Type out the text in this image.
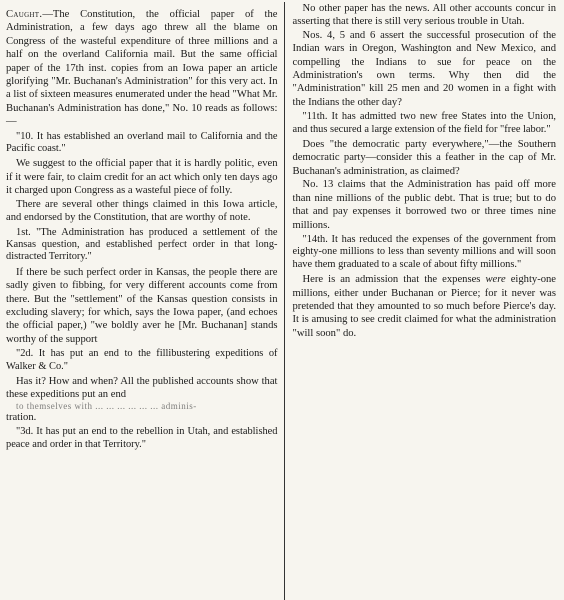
Caught.—The Constitution, the official paper of the Administration, a few days ago threw all the blame on Congress of the wasteful expenditure of three millions and a half on the overland California mail. But the same official paper of the 17th inst. copies from an Iowa paper an article glorifying "Mr. Buchanan's Administration" for this very act. In a list of sixteen measures enumerated under the head "What Mr. Buchanan's Administration has done," No. 10 reads as follows:—

"10. It has established an overland mail to California and the Pacific coast."

We suggest to the official paper that it is hardly politic, even if it were fair, to claim credit for an act which only ten days ago it charged upon Congress as a wasteful piece of folly.

There are several other things claimed in this Iowa article, and endorsed by the Constitution, that are worthy of note.

1st. "The Administration has produced a settlement of the Kansas question, and established perfect order in that long-distracted Territory."

If there be such perfect order in Kansas, the people there are sadly given to fibbing, for very different accounts come from there. But the "settlement" of the Kansas question consists in excluding slavery; for which, says the Iowa paper, (and echoes the official paper,) "we boldly aver he [Mr. Buchanan] stands worthy of the support

"2d. It has put an end to the fillibustering expeditions of Walker & Co."

Has it? How and when? All the published accounts show that these expeditions put an end

to themselves with ... ... ... ... ... ... adminis-

tration.

"3d. It has put an end to the rebellion in Utah, and established peace and order in that Territory."

No other paper has the news. All other accounts concur in asserting that there is still very serious trouble in Utah.

Nos. 4, 5 and 6 assert the successful prosecution of the Indian wars in Oregon, Washington and New Mexico, and compelling the Indians to sue for peace on the Administration's own terms. Why then did the "Administration" kill 25 men and 20 women in a fight with the Indians the other day?

"11th. It has admitted two new free States into the Union, and thus secured a large extension of the field for "free labor."

Does "the democratic party everywhere,"—the Southern democratic party—consider this a feather in the cap of Mr. Buchanan's administration, as claimed?

No. 13 claims that the Administration has paid off more than nine millions of the public debt. That is true; but to do that and pay expenses it borrowed two or three times nine millions.

"14th. It has reduced the expenses of the government from eighty-one millions to less than seventy millions and will soon have them graduated to a scale of about fifty millions."

Here is an admission that the expenses were eighty-one millions, either under Buchanan or Pierce; for it never was pretended that they amounted to so much before Pierce's day. It is amusing to see credit claimed for what the administration "will soon" do.
